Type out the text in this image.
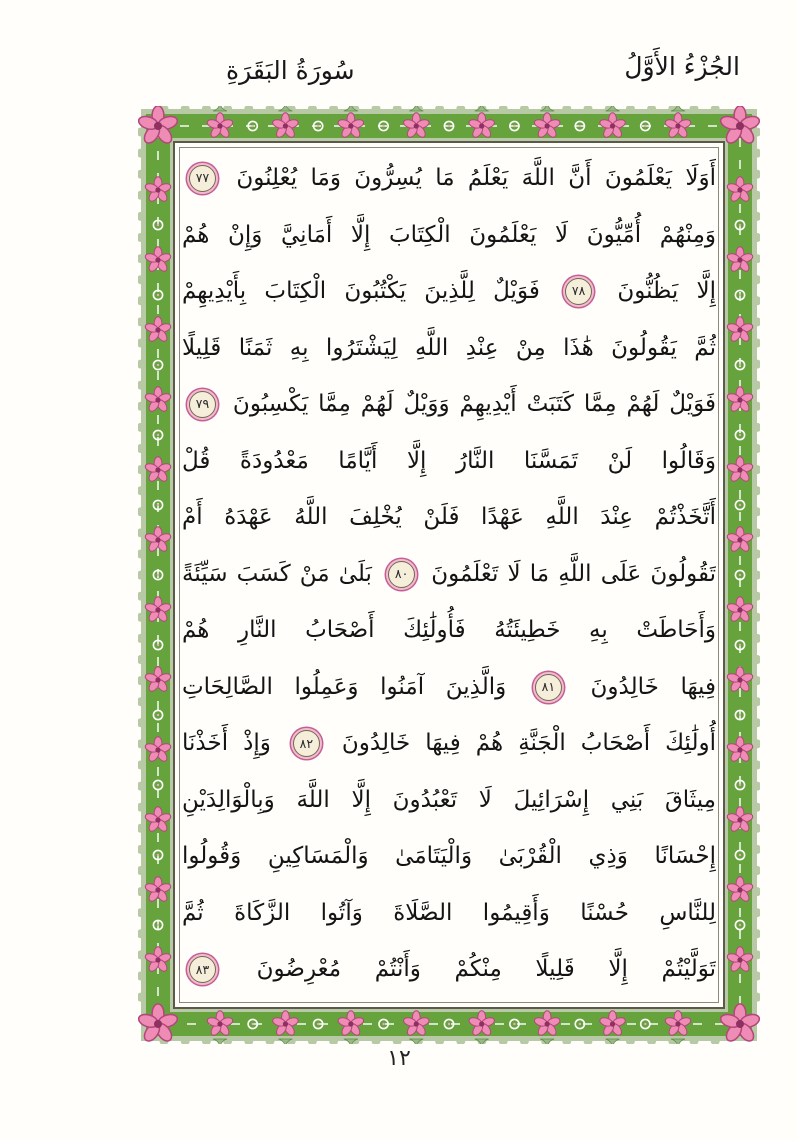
الجُزْءُ الأَوَّلُ
سُورَةُ البَقَرَةِ
أَوَلَا يَعْلَمُونَ أَنَّ اللَّهَ يَعْلَمُ مَا يُسِرُّونَ وَمَا يُعْلِنُونَ ٧٧
وَمِنْهُمْ أُمِّيُّونَ لَا يَعْلَمُونَ الْكِتَابَ إِلَّا أَمَانِيَّ وَإِنْ هُمْ
إِلَّا يَظُنُّونَ ٧٨ فَوَيْلٌ لِلَّذِينَ يَكْتُبُونَ الْكِتَابَ بِأَيْدِيهِمْ
ثُمَّ يَقُولُونَ هَٰذَا مِنْ عِنْدِ اللَّهِ لِيَشْتَرُوا بِهِ ثَمَنًا قَلِيلًا
فَوَيْلٌ لَهُمْ مِمَّا كَتَبَتْ أَيْدِيهِمْ وَوَيْلٌ لَهُمْ مِمَّا يَكْسِبُونَ ٧٩
وَقَالُوا لَنْ تَمَسَّنَا النَّارُ إِلَّا أَيَّامًا مَعْدُودَةً قُلْ
أَتَّخَذْتُمْ عِنْدَ اللَّهِ عَهْدًا فَلَنْ يُخْلِفَ اللَّهُ عَهْدَهُ أَمْ
تَقُولُونَ عَلَى اللَّهِ مَا لَا تَعْلَمُونَ ٨٠ بَلَىٰ مَنْ كَسَبَ سَيِّئَةً
وَأَحَاطَتْ بِهِ خَطِيئَتُهُ فَأُولَٰئِكَ أَصْحَابُ النَّارِ هُمْ
فِيهَا خَالِدُونَ ٨١ وَالَّذِينَ آمَنُوا وَعَمِلُوا الصَّالِحَاتِ
أُولَٰئِكَ أَصْحَابُ الْجَنَّةِ هُمْ فِيهَا خَالِدُونَ ٨٢ وَإِذْ أَخَذْنَا
مِيثَاقَ بَنِي إِسْرَائِيلَ لَا تَعْبُدُونَ إِلَّا اللَّهَ وَبِالْوَالِدَيْنِ
إِحْسَانًا وَذِي الْقُرْبَىٰ وَالْيَتَامَىٰ وَالْمَسَاكِينِ وَقُولُوا
لِلنَّاسِ حُسْنًا وَأَقِيمُوا الصَّلَاةَ وَآتُوا الزَّكَاةَ ثُمَّ
تَوَلَّيْتُمْ إِلَّا قَلِيلًا مِنْكُمْ وَأَنْتُمْ مُعْرِضُونَ ٨٣
١٢
